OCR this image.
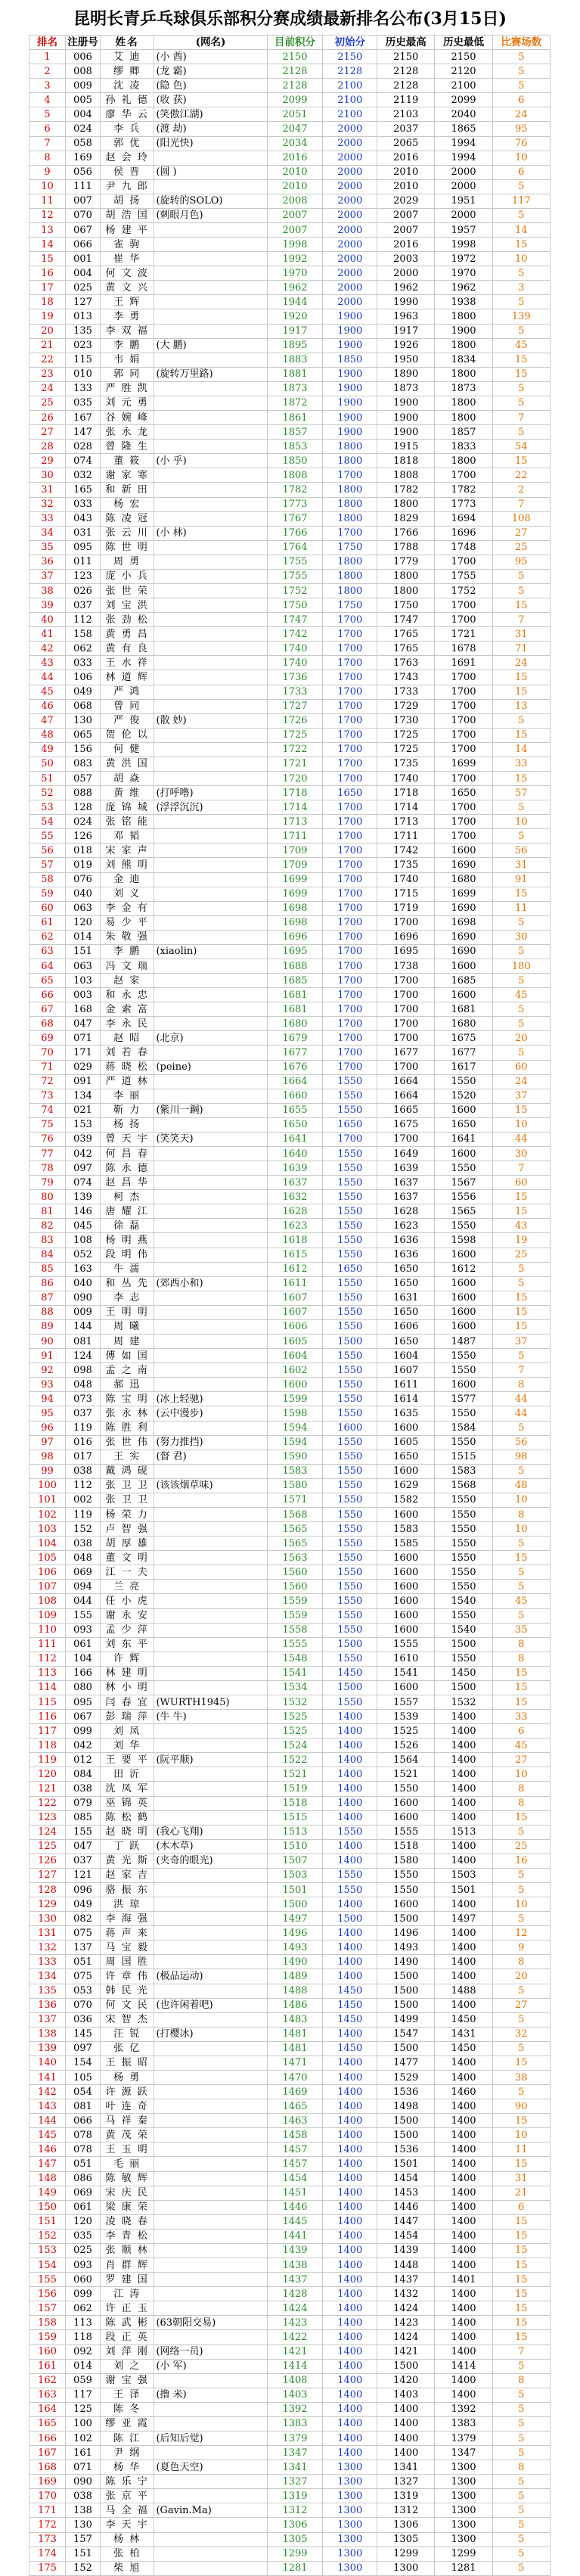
昆明长青乒乓球俱乐部积分赛成绩最新排名公布(3月15日)
排名	注册号	姓名	(网名)	目前积分	初始分	历史最高	历史最低	比赛场数
1	006	艾 迪	(小 酋)	2150	2150	2150	2150	5
2	008	缪 卿	(龙 霸)	2128	2128	2128	2120	5
3	009	沈 凌	(隐 色)	2128	2100	2128	2100	5
4	005	孙 礼 德	(收 获)	2099	2100	2119	2099	6
5	004	廖 华 云	(笑傲江湖)	2051	2100	2103	2040	24
6	024	李 兵	(渡 劫)	2047	2000	2037	1865	95
7	058	郭 优	(阳光快)	2034	2000	2065	1994	76
8	169	赵 会 玲		2016	2000	2016	1994	10
9	056	侯 晋	(圆 )	2010	2000	2010	2000	6
10	111	尹 九 郎		2010	2000	2010	2000	5
11	007	胡 扬	(旋转的SOLO)	2008	2000	2029	1951	117
12	070	胡 浩 国	(刺眼月色)	2007	2000	2007	2000	5
13	067	杨 建 平		2007	2000	2007	1957	14
14	066	雀 驹		1998	2000	2016	1998	15
15	001	崔 华		1992	2000	2003	1972	10
16	004	何 文 波		1970	2000	2000	1970	5
17	025	黄 文 兴		1962	2000	1962	1962	3
18	127	王 辉		1944	2000	1990	1938	5
19	013	李 勇		1920	1900	1963	1800	139
20	135	李 双 福		1917	1900	1917	1900	5
21	023	李 鹏	(大 鹏)	1895	1900	1926	1800	45
22	115	韦 娟		1883	1850	1950	1834	15
23	010	郭 同	(旋转万里路)	1881	1900	1890	1800	15
24	133	严 胜 凯		1873	1900	1873	1873	5
25	035	刘 元 勇		1872	1900	1900	1800	5
26	167	谷 婉 峰		1861	1900	1900	1800	7
27	147	张 永 龙		1857	1900	1900	1857	5
28	028	曾 隆 生		1853	1800	1915	1833	54
29	074	董 筱	(小 乎)	1850	1800	1818	1800	15
30	032	谢 家 寒		1808	1700	1808	1700	22
31	165	和 新 田		1782	1800	1782	1782	2
32	033	杨 宏		1773	1800	1800	1773	7
33	043	陈 凌 冠		1767	1800	1829	1694	108
34	031	张 云 川	(小 林)	1766	1700	1766	1696	27
35	095	陈 世 明		1764	1750	1788	1748	25
36	011	周 勇		1755	1800	1779	1700	95
37	123	庞 小 兵		1755	1800	1800	1755	5
38	026	张 世 荣		1752	1800	1800	1752	5
39	037	刘 宝 洪		1750	1750	1750	1700	15
40	112	张 劲 松		1747	1700	1747	1700	7
41	158	黄 勇 昌		1742	1700	1765	1721	31
42	062	黄 有 良		1740	1700	1765	1678	71
43	033	王 水 祥		1740	1700	1763	1691	24
44	106	林 道 辉		1736	1700	1743	1700	15
45	049	严 鸿		1733	1700	1733	1700	15
46	068	曾 同		1727	1700	1729	1700	13
47	130	严 俊	(散 妙)	1726	1700	1730	1700	5
48	065	贺 伦 以		1725	1700	1725	1700	15
49	156	何 健		1722	1700	1725	1700	14
50	083	黄 洪 国		1721	1700	1735	1699	33
51	057	胡 焱		1720	1700	1740	1700	15
52	088	黄 维	(打呼噜)	1718	1650	1718	1650	57
53	128	庞 锦 城	(浮浮沉沉)	1714	1700	1714	1700	5
54	024	张 铭 能		1713	1700	1713	1700	10
55	126	邓 韬		1711	1700	1711	1700	5
56	018	宋 家 声		1709	1700	1742	1600	56
57	019	刘 熊 明		1709	1700	1735	1690	31
58	076	金 迪		1699	1700	1740	1680	91
59	040	刘 义		1699	1700	1715	1699	15
60	063	李 金 有		1698	1700	1719	1690	11
61	120	易 少 平		1698	1700	1700	1698	5
62	014	朱 敬 强		1696	1700	1696	1690	30
63	151	李 鹏	(xiaolin)	1695	1700	1695	1690	5
64	063	冯 文 瑞		1688	1700	1738	1600	180
65	103	赵 家		1685	1700	1700	1685	5
66	003	和 永 忠		1681	1700	1700	1600	45
67	168	金 索 富		1681	1700	1700	1681	5
68	047	李 永 民		1680	1700	1700	1680	5
69	071	赵 昭	(北京)	1679	1700	1700	1675	20
70	171	刘 若 春		1677	1700	1677	1677	5
71	029	蒋 晓 松	(peine)	1676	1700	1700	1617	60
72	091	严 道 林		1664	1550	1664	1550	24
73	134	李 丽		1660	1550	1664	1520	37
74	021	靳 力	(紫川一鋼)	1655	1550	1665	1600	15
75	153	杨 扬		1650	1650	1675	1650	10
76	039	曾 天 宇	(笑笑天)	1641	1700	1700	1641	44
77	042	何 昌 春		1640	1550	1649	1600	30
78	097	陈 永 德		1639	1550	1639	1550	7
79	074	赵 昌 华		1637	1550	1637	1567	60
80	139	柯 杰		1632	1550	1637	1556	15
81	146	唐 耀 江		1628	1550	1628	1565	15
82	045	徐 磊		1623	1550	1623	1550	43
83	108	杨 明 燕		1618	1550	1636	1598	19
84	052	段 明 伟		1615	1550	1636	1600	25
85	163	牛 濡		1612	1650	1650	1612	5
86	040	和 丛 先	(郊西小和)	1611	1550	1650	1600	5
87	090	李 志		1607	1550	1631	1600	15
88	009	王 明 明		1607	1550	1650	1600	15
89	144	周 曦		1606	1550	1606	1600	15
90	081	周 建		1605	1500	1650	1487	37
91	124	傅 如 国		1604	1550	1604	1550	5
92	098	孟 之 南		1602	1550	1607	1550	7
93	048	郝 迅		1600	1550	1611	1600	8
94	073	陈 宝 明	(冰上轻驰)	1599	1550	1614	1577	44
95	037	张 永 林	(云中漫步)	1598	1550	1635	1550	44
96	119	陈 胜 利		1594	1600	1600	1584	5
97	016	张 世 伟	(努力推挡)	1594	1550	1605	1550	56
98	017	王 实	(督 君)	1590	1550	1650	1515	98
99	038	戴 鸿 砚		1583	1550	1600	1583	5
100	112	张 卫 卫	(该该烟草味)	1580	1550	1629	1568	48
101	002	张 卫 卫		1571	1550	1582	1550	10
102	119	杨 荣 力		1568	1550	1600	1550	8
103	152	卢 智 强		1565	1550	1583	1550	10
104	038	胡 厚 雄		1565	1550	1585	1550	5
105	048	董 文 明		1563	1550	1600	1550	15
106	069	江 一 夫		1560	1550	1600	1550	5
107	094	兰 亮		1560	1550	1600	1550	5
108	044	任 小 虎		1559	1550	1600	1540	45
109	155	谢 永 安		1559	1550	1600	1550	5
110	093	孟 少 萍		1558	1550	1600	1540	35
111	061	刘 东 平		1555	1500	1555	1500	8
112	104	许 辉		1548	1550	1610	1550	8
113	166	林 建 明		1541	1450	1541	1450	15
114	080	林 小 明		1534	1500	1600	1500	15
115	095	闫 春 宜	(WURTH1945)	1532	1550	1557	1532	15
116	067	彭 瑞 萍	(牛 牛)	1525	1400	1539	1400	33
117	099	刘 凤		1525	1400	1525	1400	6
118	042	刘 华		1524	1400	1526	1400	45
119	012	王 要 平	(阮平顺)	1522	1400	1564	1400	27
120	084	田 沂		1521	1400	1521	1400	10
121	038	沈 凤 军		1519	1400	1550	1400	8
122	079	巫 锦 英		1518	1400	1600	1400	8
123	085	陈 松 鹤		1515	1400	1600	1400	15
124	155	赵 晓 明	(我心飞翔)	1513	1550	1555	1513	5
125	047	丁 跃	(木木草)	1510	1400	1518	1400	25
126	037	黄 光 斯	(夹奇的眼光)	1507	1400	1580	1400	16
127	121	赵 家 吉		1503	1550	1550	1503	5
128	096	骆 振 东		1501	1550	1550	1501	5
129	049	洪 琼		1500	1400	1600	1400	10
130	082	李 海 强		1497	1500	1500	1497	5
131	075	蒋 声 来		1496	1400	1496	1400	12
132	137	马 宝 毅		1493	1400	1493	1400	9
133	051	周 国 胜		1490	1400	1490	1400	8
134	075	许 章 伟	(极品运动)	1489	1400	1500	1400	20
135	053	韩 民 光		1488	1450	1500	1488	5
136	070	何 文 民	(也许闲着吧)	1486	1450	1500	1400	27
137	036	宋 智 杰		1483	1450	1499	1450	5
138	145	汪 锐	(打樱冰)	1481	1400	1547	1431	32
139	097	张 亿		1481	1450	1500	1450	5
140	154	王 振 昭		1471	1400	1477	1400	15
141	105	杨 勇		1470	1400	1529	1400	38
142	054	许 源 跃		1469	1400	1536	1460	5
143	081	叶 连 奇		1465	1400	1498	1400	90
144	066	马 祥 秦		1463	1400	1500	1400	15
145	078	黄 茂 荣		1458	1400	1500	1400	10
146	078	王 玉 明		1457	1400	1536	1400	11
147	051	毛 丽		1457	1400	1501	1400	15
148	086	陈 敏 辉		1454	1400	1454	1400	31
149	069	宋 庆 民		1451	1400	1453	1400	21
150	061	梁 康 荣		1446	1400	1446	1400	6
151	120	凌 晓 春		1445	1400	1447	1400	15
152	035	李 青 松		1441	1400	1454	1400	15
153	025	张 顺 林		1439	1400	1439	1400	15
154	093	肖 群 辉		1438	1400	1448	1400	15
155	060	罗 建 国		1437	1400	1437	1401	15
156	099	江 涛		1428	1400	1432	1400	15
157	062	许 正 玉		1424	1400	1424	1400	15
158	113	陈 武 彬	(63朝阳交易)	1423	1400	1423	1400	15
159	118	段 正 英		1422	1400	1424	1400	15
160	092	刘 萍 刚	(网络一员)	1421	1400	1421	1400	7
161	014	刘 之	(小 军)	1414	1400	1500	1414	5
162	059	谢 宝 强		1408	1400	1420	1400	8
163	117	王 泽	(撸 米)	1403	1400	1403	1400	5
164	125	陈 冬		1392	1400	1400	1392	5
165	100	缪 亚 霞		1383	1400	1400	1383	5
166	102	陈 江	(后知后觉)	1379	1400	1400	1379	5
167	161	尹 纲		1347	1400	1400	1347	5
168	071	杨 华	(夏色天空)	1341	1300	1341	1300	8
169	090	陈 乐 宁		1327	1300	1327	1300	5
170	038	张 京 平		1319	1300	1319	1300	5
171	138	马 全 福	(Gavin.Ma)	1312	1300	1312	1300	5
172	130	李 天 宇		1306	1300	1306	1300	5
173	157	杨 林		1305	1300	1305	1300	5
174	151	张 柏		1299	1300	1299	1299	5
175	152	柴 旭		1281	1300	1300	1281	5
